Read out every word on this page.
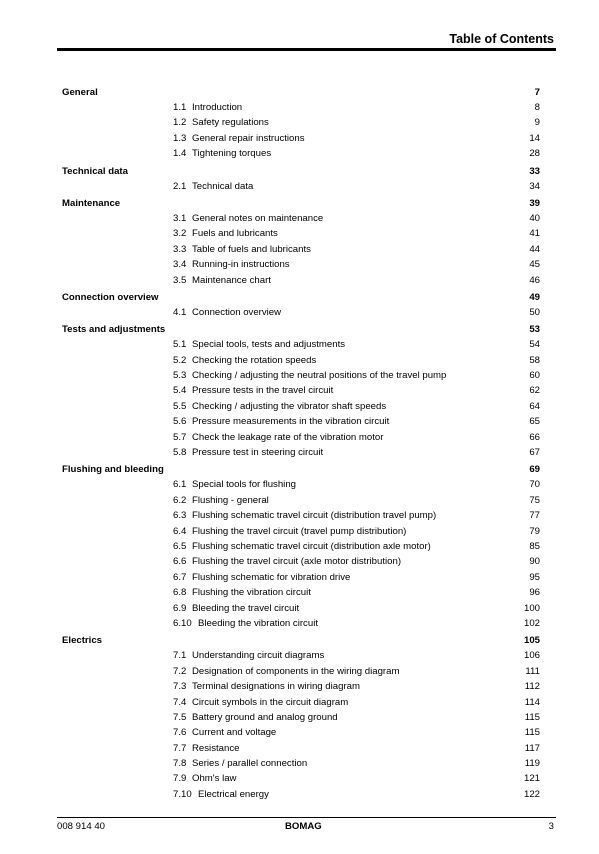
Table of Contents
General	7
1.1 Introduction	8
1.2 Safety regulations	9
1.3 General repair instructions	14
1.4 Tightening torques	28
Technical data	33
2.1 Technical data	34
Maintenance	39
3.1 General notes on maintenance	40
3.2 Fuels and lubricants	41
3.3 Table of fuels and lubricants	44
3.4 Running-in instructions	45
3.5 Maintenance chart	46
Connection overview	49
4.1 Connection overview	50
Tests and adjustments	53
5.1 Special tools, tests and adjustments	54
5.2 Checking the rotation speeds	58
5.3 Checking / adjusting the neutral positions of the travel pump	60
5.4 Pressure tests in the travel circuit	62
5.5 Checking / adjusting the vibrator shaft speeds	64
5.6 Pressure measurements in the vibration circuit	65
5.7 Check the leakage rate of the vibration motor	66
5.8 Pressure test in steering circuit	67
Flushing and bleeding	69
6.1 Special tools for flushing	70
6.2 Flushing - general	75
6.3 Flushing schematic travel circuit (distribution travel pump)	77
6.4 Flushing the travel circuit (travel pump distribution)	79
6.5 Flushing schematic travel circuit (distribution axle motor)	85
6.6 Flushing the travel circuit (axle motor distribution)	90
6.7 Flushing schematic for vibration drive	95
6.8 Flushing the vibration circuit	96
6.9 Bleeding the travel circuit	100
6.10 Bleeding the vibration circuit	102
Electrics	105
7.1 Understanding circuit diagrams	106
7.2 Designation of components in the wiring diagram	111
7.3 Terminal designations in wiring diagram	112
7.4 Circuit symbols in the circuit diagram	114
7.5 Battery ground and analog ground	115
7.6 Current and voltage	115
7.7 Resistance	117
7.8 Series / parallel connection	119
7.9 Ohm's law	121
7.10 Electrical energy	122
008 914 40	BOMAG	3
